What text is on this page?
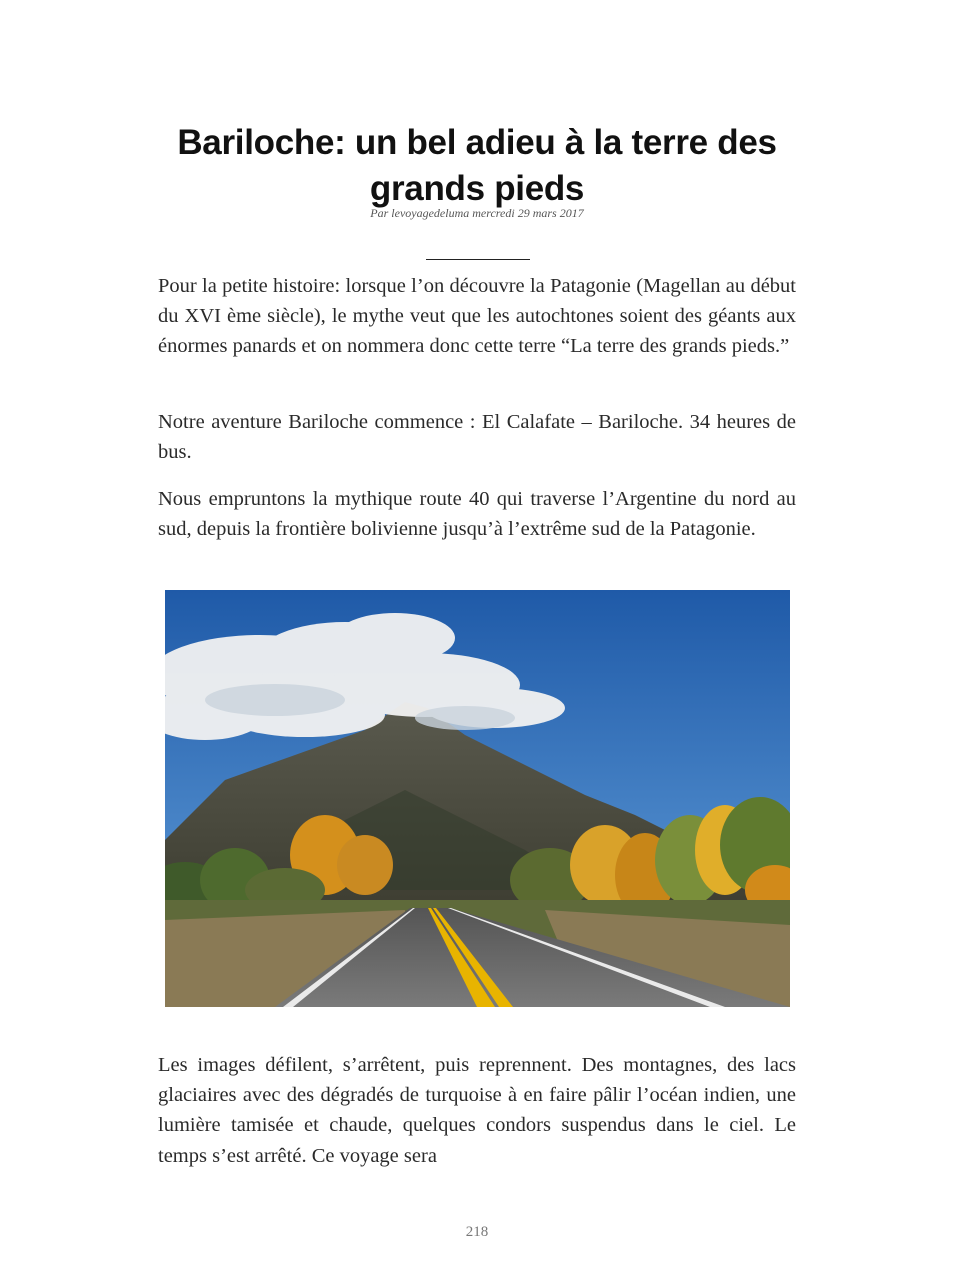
Bariloche: un bel adieu à la terre des grands pieds
Par levoyagedeluma mercredi 29 mars 2017

Pour la petite histoire: lorsque l’on découvre la Patagonie (Magellan au début du XVI ème siècle), le mythe veut que les autochtones soient des géants aux énormes panards et on nommera donc cette terre “La terre des grands pieds.”

Notre aventure Bariloche commence : El Calafate – Bariloche. 34 heures de bus.

Nous empruntons la mythique route 40 qui traverse l’Argentine du nord au sud, depuis la frontière bolivienne jusqu’à l’extrême sud de la Patagonie.

Les images défilent, s’arrêtent, puis reprennent. Des montagnes, des lacs glaciaires avec des dégradés de turquoise à en faire pâlir l’océan indien, une lumière tamisée et chaude, quelques condors suspendus dans le ciel. Le temps s’est arrêté. Ce voyage sera

218
